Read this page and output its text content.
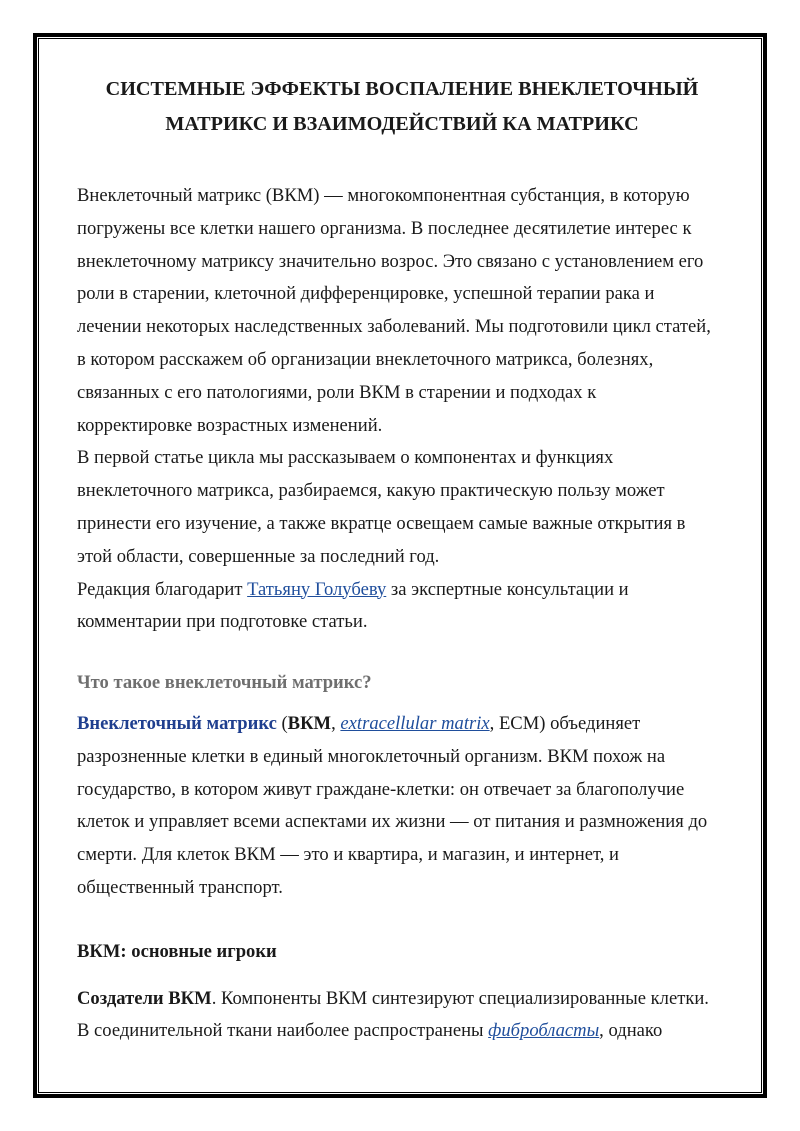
СИСТЕМНЫЕ ЭФФЕКТЫ ВОСПАЛЕНИЕ ВНЕКЛЕТОЧНЫЙ
МАТРИКС И ВЗАИМОДЕЙСТВИЙ КА МАТРИКС

Внеклеточный матрикс (ВКМ) — многокомпонентная субстанция, в которую
погружены все клетки нашего организма. В последнее десятилетие интерес к
внеклеточному матриксу значительно возрос. Это связано с установлением его
роли в старении, клеточной дифференцировке, успешной терапии рака и
лечении некоторых наследственных заболеваний. Мы подготовили цикл статей,
в котором расскажем об организации внеклеточного матрикса, болезнях,
связанных с его патологиями, роли ВКМ в старении и подходах к
корректировке возрастных изменений.

В первой статье цикла мы рассказываем о компонентах и функциях
внеклеточного матрикса, разбираемся, какую практическую пользу может
принести его изучение, а также вкратце освещаем самые важные открытия в
этой области, совершенные за последний год.

Редакция благодарит Татьяну Голубеву за экспертные консультации и
комментарии при подготовке статьи.

Что такое внеклеточный матрикс?

Внеклеточный матрикс (ВКМ, extracellular matrix, ECM) объединяет
разрозненные клетки в единый многоклеточный организм. ВКМ похож на
государство, в котором живут граждане-клетки: он отвечает за благополучие
клеток и управляет всеми аспектами их жизни — от питания и размножения до
смерти. Для клеток ВКМ — это и квартира, и магазин, и интернет, и
общественный транспорт.

ВКМ: основные игроки

Создатели ВКМ. Компоненты ВКМ синтезируют специализированные клетки.
В соединительной ткани наиболее распространены фибробласты, однако
